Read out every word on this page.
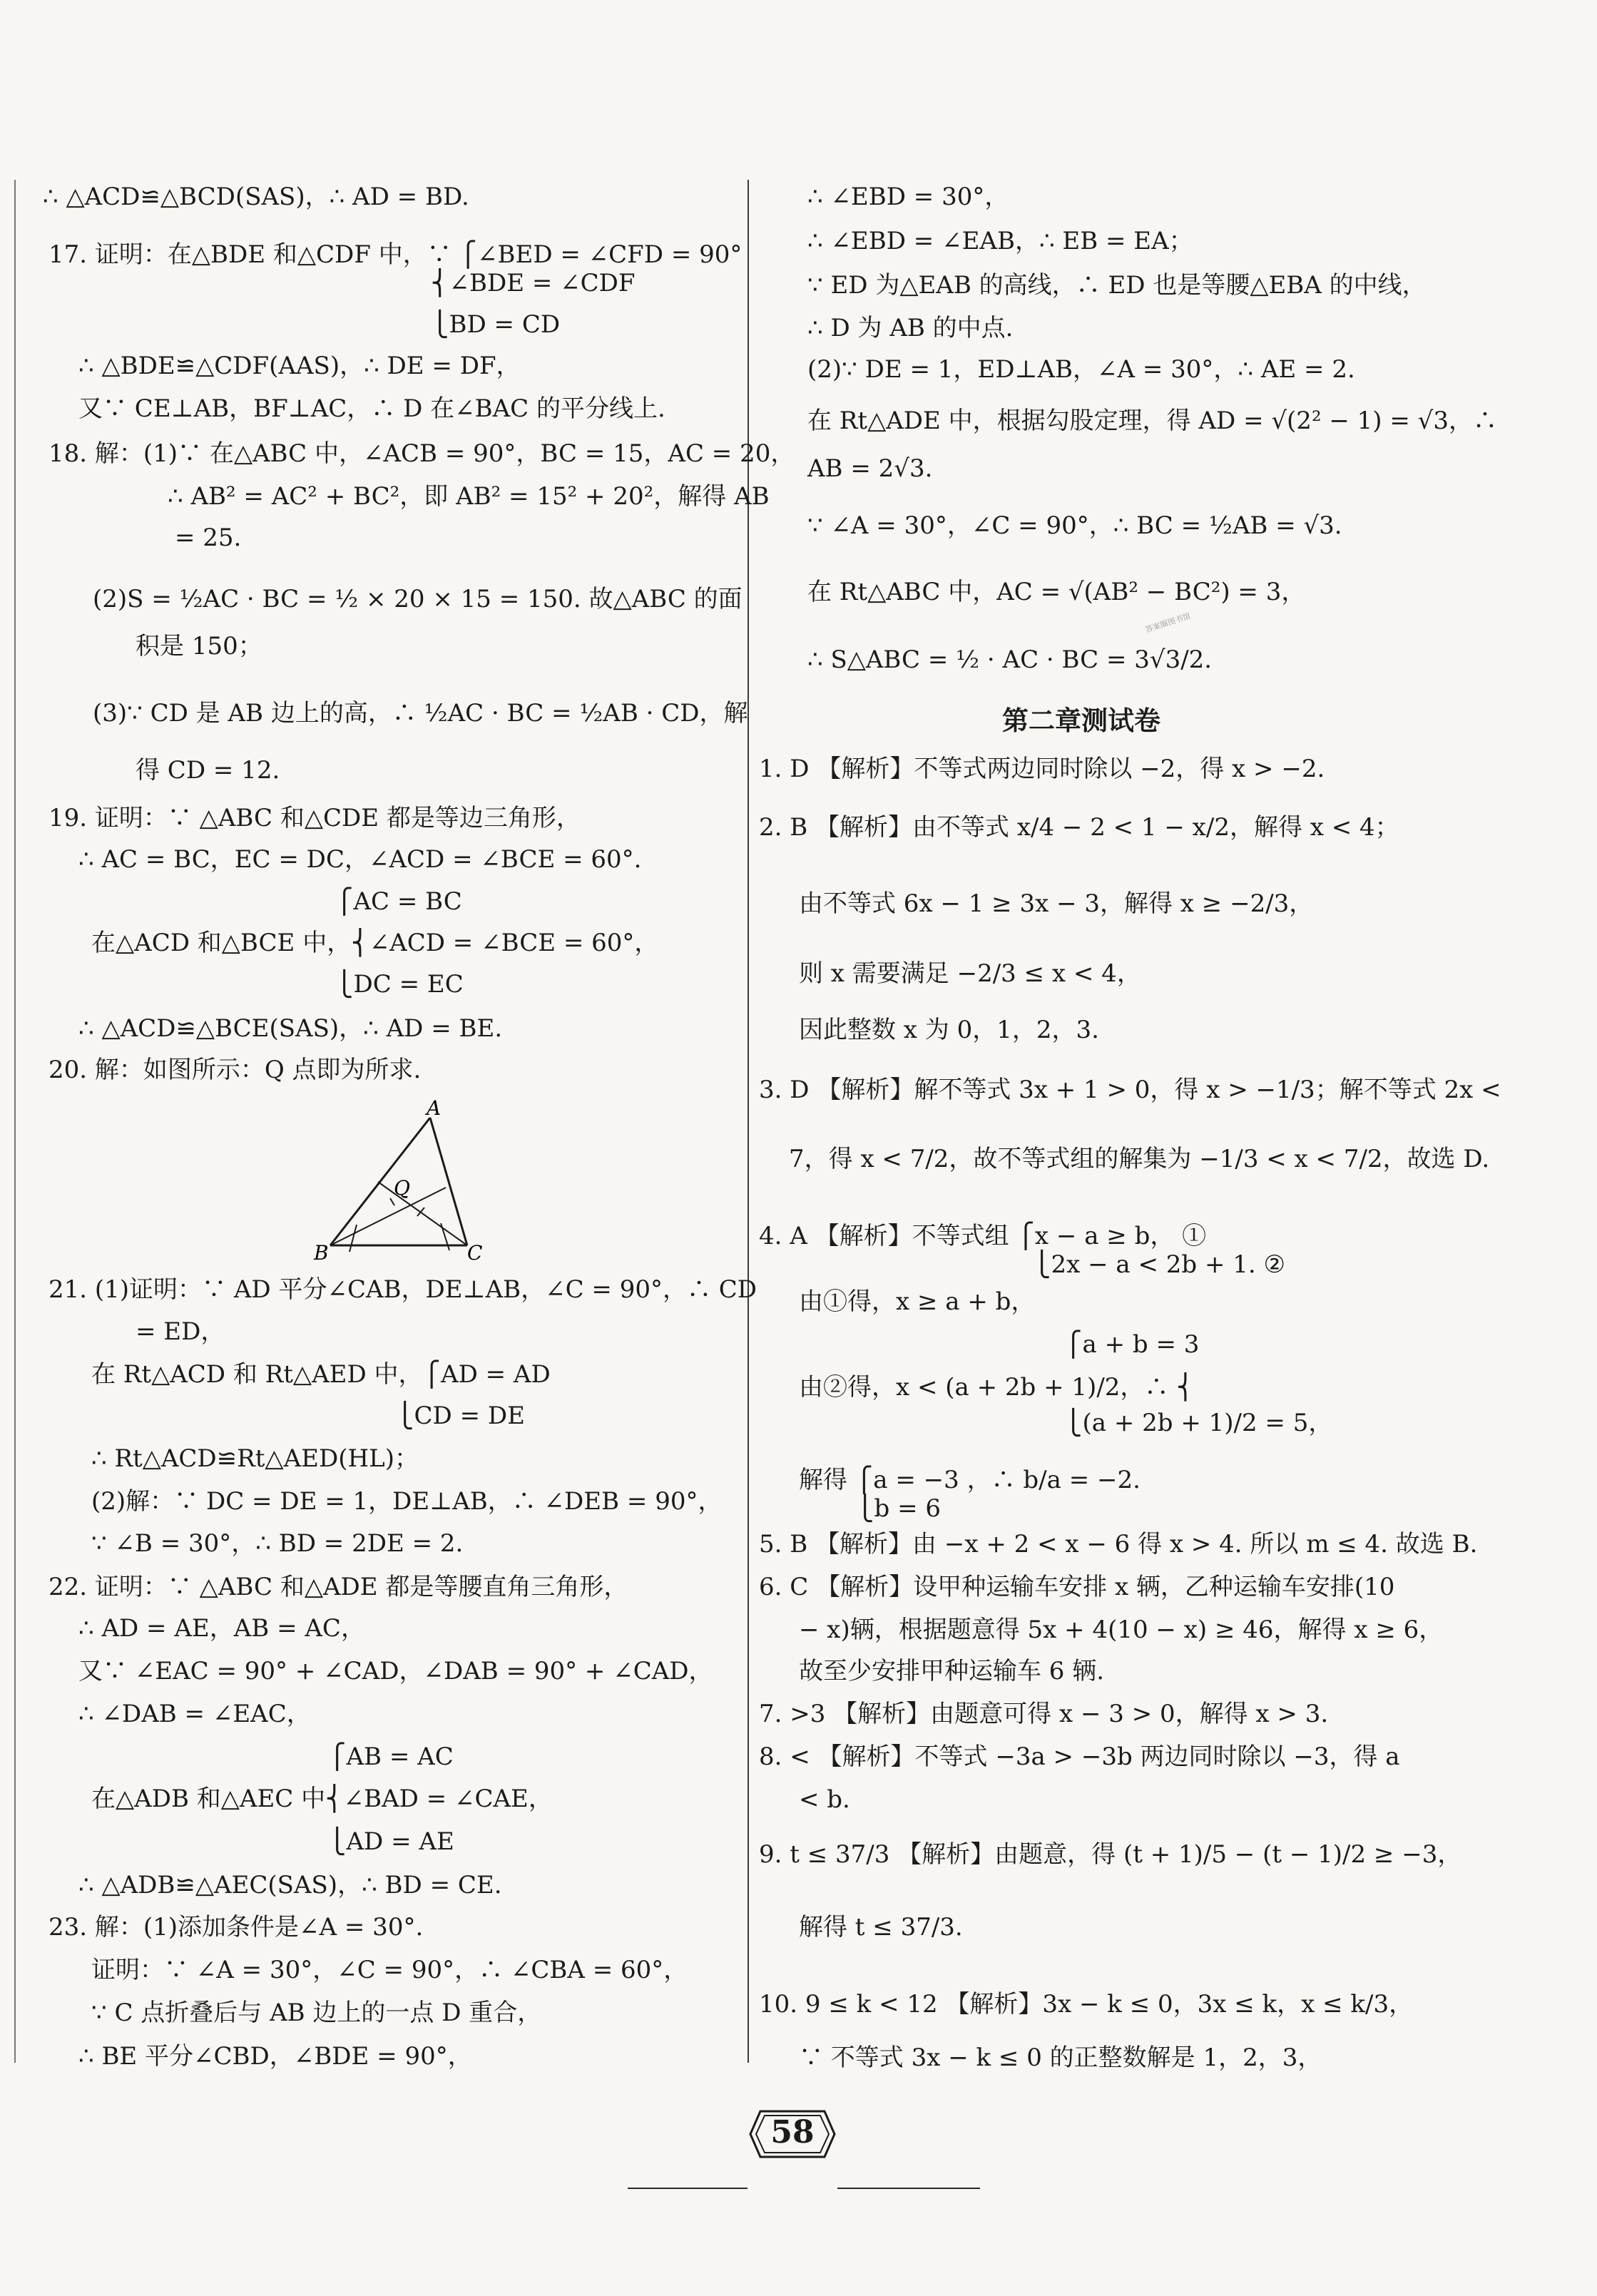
∴ △ACD≌△BCD(SAS)，∴ AD = BD.
17. 证明：在△BDE 和△CDF 中，∵ ⎧∠BED = ∠CFD = 90°
⎨∠BDE = ∠CDF
⎩BD = CD
∴ △BDE≌△CDF(AAS)，∴ DE = DF，
又∵ CE⊥AB，BF⊥AC，∴ D 在∠BAC 的平分线上.
18. 解：(1)∵ 在△ABC 中，∠ACB = 90°，BC = 15，AC = 20，
∴ AB² = AC² + BC²，即 AB² = 15² + 20²，解得 AB
= 25.
(2)S = ½AC · BC = ½ × 20 × 15 = 150. 故△ABC 的面
积是 150；
(3)∵ CD 是 AB 边上的高，∴ ½AC · BC = ½AB · CD，解
得 CD = 12.
19. 证明：∵ △ABC 和△CDE 都是等边三角形，
∴ AC = BC，EC = DC，∠ACD = ∠BCE = 60°.
⎧AC = BC
在△ACD 和△BCE 中，⎨∠ACD = ∠BCE = 60°，
⎩DC = EC
∴ △ACD≌△BCE(SAS)，∴ AD = BE.
20. 解：如图所示：Q 点即为所求.
A
Q
B	C
21. (1)证明：∵ AD 平分∠CAB，DE⊥AB，∠C = 90°，∴ CD
= ED，
在 Rt△ACD 和 Rt△AED 中，⎧AD = AD
⎩CD = DE
∴ Rt△ACD≌Rt△AED(HL)；
(2)解：∵ DC = DE = 1，DE⊥AB，∴ ∠DEB = 90°，
∵ ∠B = 30°，∴ BD = 2DE = 2.
22. 证明：∵ △ABC 和△ADE 都是等腰直角三角形，
∴ AD = AE，AB = AC，
又∵ ∠EAC = 90° + ∠CAD，∠DAB = 90° + ∠CAD，
∴ ∠DAB = ∠EAC，
⎧AB = AC
在△ADB 和△AEC 中⎨∠BAD = ∠CAE，
⎩AD = AE
∴ △ADB≌△AEC(SAS)，∴ BD = CE.
23. 解：(1)添加条件是∠A = 30°.
证明：∵ ∠A = 30°，∠C = 90°，∴ ∠CBA = 60°，
∵ C 点折叠后与 AB 边上的一点 D 重合，
∴ BE 平分∠CBD，∠BDE = 90°，
∴ ∠EBD = 30°，
∴ ∠EBD = ∠EAB，∴ EB = EA；
∵ ED 为△EAB 的高线，∴ ED 也是等腰△EBA 的中线，
∴ D 为 AB 的中点.
(2)∵ DE = 1，ED⊥AB，∠A = 30°，∴ AE = 2.
在 Rt△ADE 中，根据勾股定理，得 AD = √(2² − 1) = √3，∴
AB = 2√3.
∵ ∠A = 30°，∠C = 90°，∴ BC = ½AB = √3.
在 Rt△ABC 中，AC = √(AB² − BC²) = 3，
∴ S△ABC = ½ · AC · BC = 3√3/2.
第二章测试卷
1. D 【解析】不等式两边同时除以 −2，得 x > −2.
2. B 【解析】由不等式 x/4 − 2 < 1 − x/2，解得 x < 4；
由不等式 6x − 1 ≥ 3x − 3，解得 x ≥ −2/3，
则 x 需要满足 −2/3 ≤ x < 4，
因此整数 x 为 0，1，2，3.
3. D 【解析】解不等式 3x + 1 > 0，得 x > −1/3；解不等式 2x <
7，得 x < 7/2，故不等式组的解集为 −1/3 < x < 7/2，故选 D.
4. A 【解析】不等式组 ⎧x − a ≥ b， ①
⎩2x − a < 2b + 1. ②
由①得，x ≥ a + b，
⎧a + b = 3
由②得，x < (a + 2b + 1)/2，∴ ⎨
⎩(a + 2b + 1)/2 = 5，
解得 ⎧a = −3 ，∴ b/a = −2.
⎩b = 6
5. B 【解析】由 −x + 2 < x − 6 得 x > 4. 所以 m ≤ 4. 故选 B.
6. C 【解析】设甲种运输车安排 x 辆，乙种运输车安排(10
− x)辆，根据题意得 5x + 4(10 − x) ≥ 46，解得 x ≥ 6，
故至少安排甲种运输车 6 辆.
7. >3 【解析】由题意可得 x − 3 > 0，解得 x > 3.
8. < 【解析】不等式 −3a > −3b 两边同时除以 −3，得 a
< b.
9. t ≤ 37/3 【解析】由题意，得 (t + 1)/5 − (t − 1)/2 ≥ −3，
解得 t ≤ 37/3.
10. 9 ≤ k < 12 【解析】3x − k ≤ 0，3x ≤ k，x ≤ k/3，
∵ 不等式 3x − k ≤ 0 的正整数解是 1，2，3，
答案圈图书馆
58
